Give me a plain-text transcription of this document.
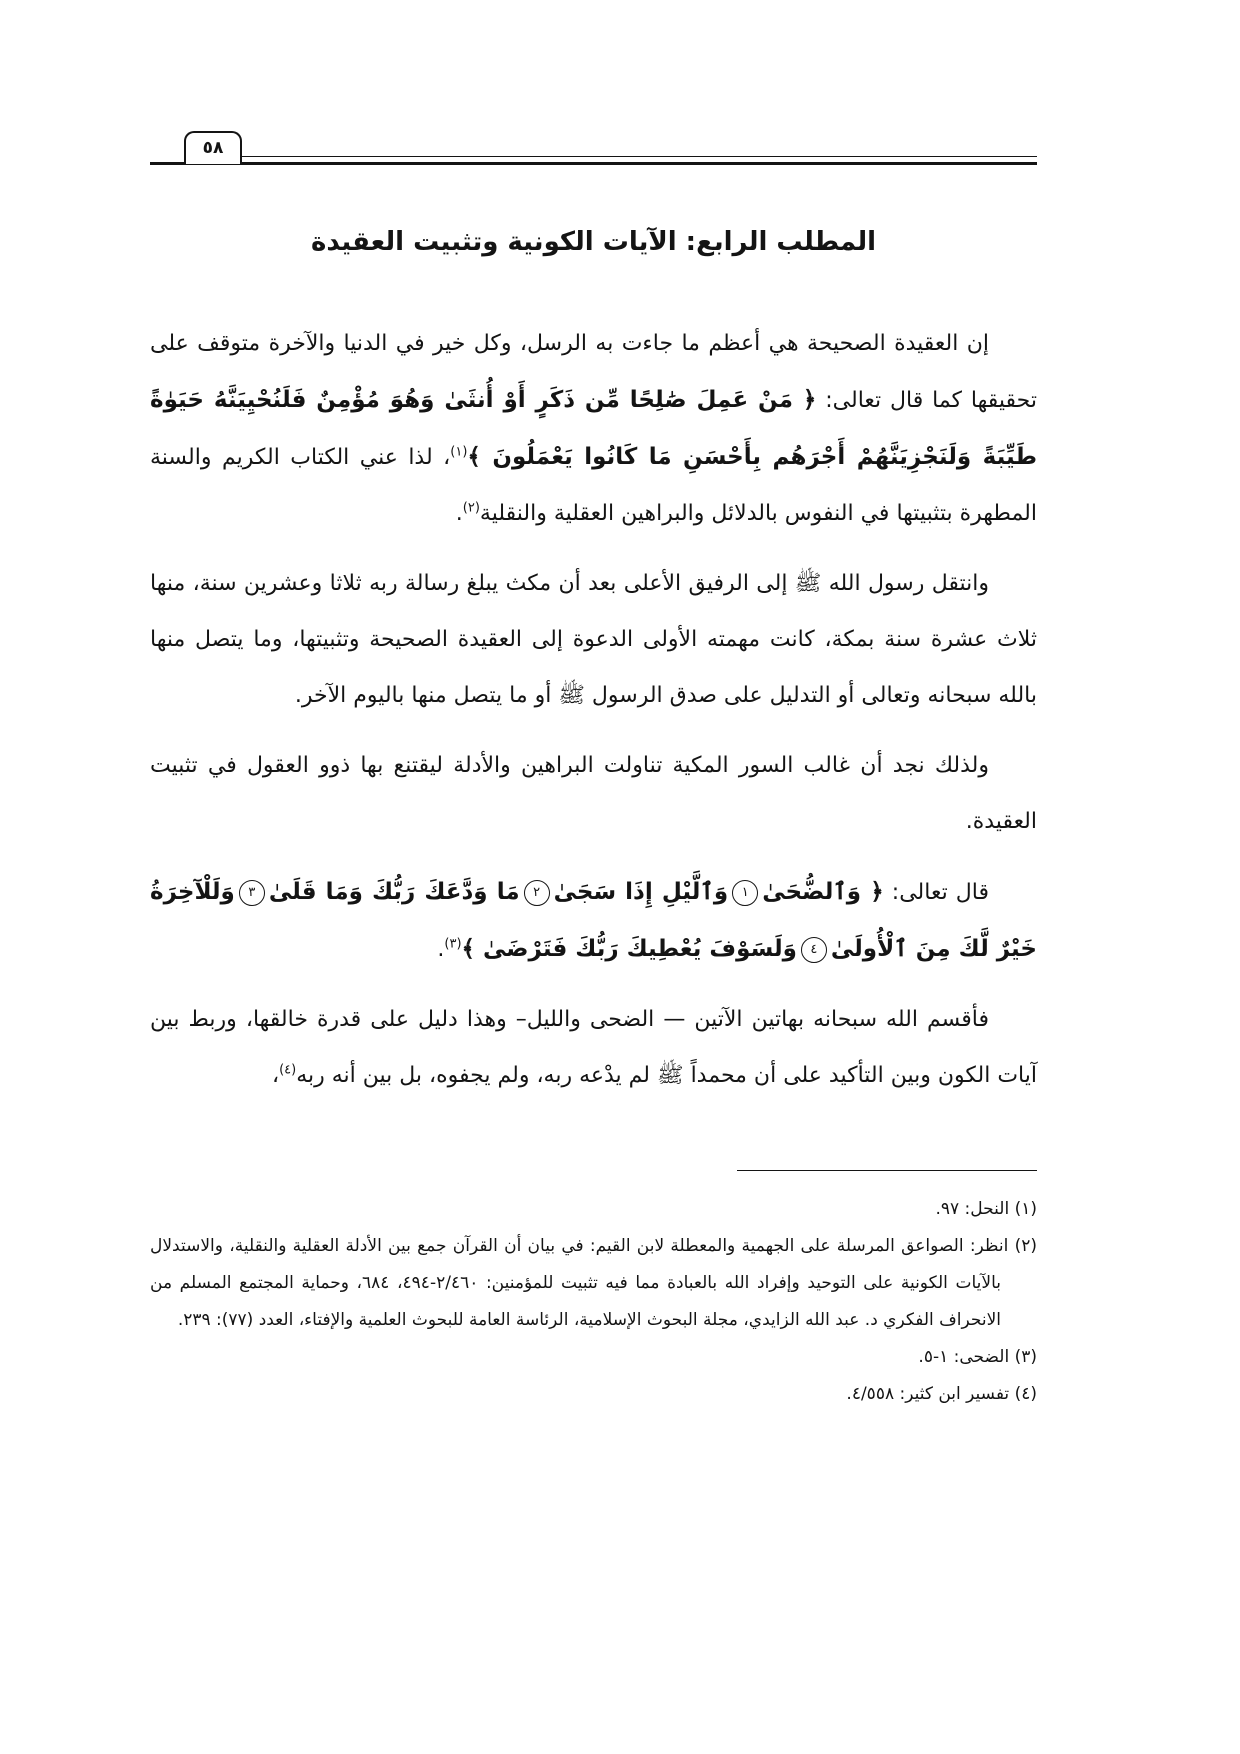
٥٨
المطلب الرابع: الآيات الكونية وتثبيت العقيدة

إن العقيدة الصحيحة هي أعظم ما جاءت به الرسل، وكل خير في الدنيا والآخرة متوقف على تحقيقها كما قال تعالى: ﴿ مَنْ عَمِلَ صَٰلِحًا مِّن ذَكَرٍ أَوْ أُنثَىٰ وَهُوَ مُؤْمِنٌ فَلَنُحْيِيَنَّهُ حَيَوٰةً طَيِّبَةً وَلَنَجْزِيَنَّهُمْ أَجْرَهُم بِأَحْسَنِ مَا كَانُوا يَعْمَلُونَ ﴾$^{(١)}$، لذا عني الكتاب الكريم والسنة المطهرة بتثبيتها في النفوس بالدلائل والبراهين العقلية والنقلية$^{(٢)}$.

وانتقل رسول الله ﷺ إلى الرفيق الأعلى بعد أن مكث يبلغ رسالة ربه ثلاثا وعشرين سنة، منها ثلاث عشرة سنة بمكة، كانت مهمته الأولى الدعوة إلى العقيدة الصحيحة وتثبيتها، وما يتصل منها بالله سبحانه وتعالى أو التدليل على صدق الرسول ﷺ أو ما يتصل منها باليوم الآخر.

ولذلك نجد أن غالب السور المكية تناولت البراهين والأدلة ليقتنع بها ذوو العقول في تثبيت العقيدة.

قال تعالى: ﴿ وَٱلضُّحَىٰ١وَٱلَّيْلِ إِذَا سَجَىٰ٢مَا وَدَّعَكَ رَبُّكَ وَمَا قَلَىٰ٣وَلَلْآخِرَةُ خَيْرٌ لَّكَ مِنَ ٱلْأُولَىٰ٤وَلَسَوْفَ يُعْطِيكَ رَبُّكَ فَتَرْضَىٰ ﴾$^{(٣)}$.

فأقسم الله سبحانه بهاتين الآتين — الضحى والليل– وهذا دليل على قدرة خالقها، وربط بين آيات الكون وبين التأكيد على أن محمداً ﷺ لم يدْعه ربه، ولم يجفوه، بل بين أنه ربه$^{(٤)}$،

(١) النحل: ٩٧.

(٢) انظر: الصواعق المرسلة على الجهمية والمعطلة لابن القيم: في بيان أن القرآن جمع بين الأدلة العقلية والنقلية، والاستدلال بالآيات الكونية على التوحيد وإفراد الله بالعبادة مما فيه تثبيت للمؤمنين: ٢/٤٦٠-٤٩٤، ٦٨٤، وحماية المجتمع المسلم من الانحراف الفكري د. عبد الله الزايدي، مجلة البحوث الإسلامية، الرئاسة العامة للبحوث العلمية والإفتاء، العدد (٧٧): ٢٣٩.

(٣) الضحى: ١-٥.

(٤) تفسير ابن كثير: ٤/٥٥٨.
